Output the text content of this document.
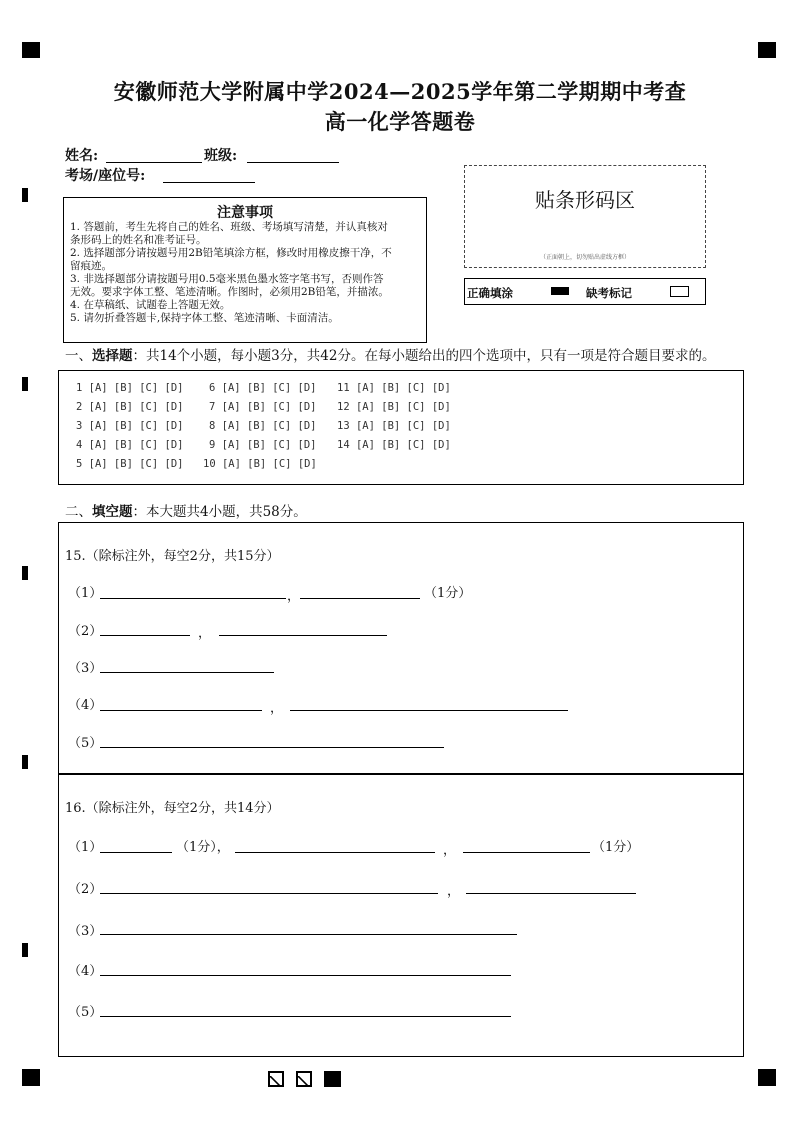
安徽师范大学附属中学2024—2025学年第二学期期中考查
高一化学答题卷
姓名:	班级:
考场/座位号:
注意事项
1. 答题前，考生先将自己的姓名、班级、考场填写清楚，并认真核对
条形码上的姓名和准考证号。
2. 选择题部分请按题号用2B铅笔填涂方框，修改时用橡皮擦干净，不
留痕迹。
3. 非选择题部分请按题号用0.5毫米黑色墨水签字笔书写，否则作答
无效。要求字体工整、笔迹清晰。作图时，必须用2B铅笔，并描浓。
4. 在草稿纸、试题卷上答题无效。
5. 请勿折叠答题卡,保持字体工整、笔迹清晰、卡面清洁。
贴条形码区
（正面朝上，切勿贴出虚线方框）
正确填涂	缺考标记
一、选择题：共14个小题，每小题3分，共42分。在每小题给出的四个选项中，只有一项是符合题目要求的。
1 [A] [B] [C] [D]
2 [A] [B] [C] [D]
3 [A] [B] [C] [D]
4 [A] [B] [C] [D]
5 [A] [B] [C] [D]
6 [A] [B] [C] [D]
7 [A] [B] [C] [D]
8 [A] [B] [C] [D]
9 [A] [B] [C] [D]
10 [A] [B] [C] [D]
11 [A] [B] [C] [D]
12 [A] [B] [C] [D]
13 [A] [B] [C] [D]
14 [A] [B] [C] [D]
二、填空题：本大题共4小题，共58分。
15.（除标注外，每空2分，共15分）
（1）	，	（1分）
（2）	，
（3）
（4）	，
（5）
16.（除标注外，每空2分，共14分）
（1）	（1分），	，	（1分）
（2）	，
（3）
（4）
（5）
